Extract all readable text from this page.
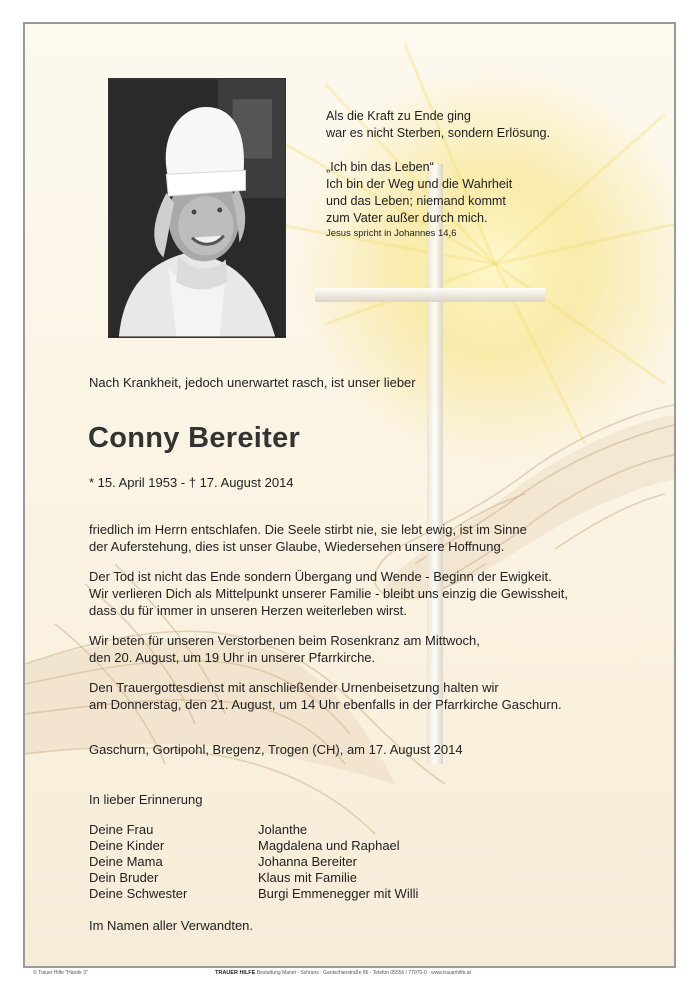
Als die Kraft zu Ende ging

war es nicht Sterben, sondern Erlösung.

„Ich bin das Leben“

Ich bin der Weg und die Wahrheit

und das Leben; niemand kommt

zum Vater außer durch mich.

Jesus spricht in Johannes 14,6

Nach Krankheit, jedoch unerwartet rasch, ist unser lieber
Conny Bereiter
* 15. April 1953 - † 17. August 2014

friedlich im Herrn entschlafen. Die Seele stirbt nie, sie lebt ewig, ist im Sinne
der Auferstehung, dies ist unser Glaube, Wiedersehen unsere Hoffnung.

Der Tod ist nicht das Ende sondern Übergang und Wende - Beginn der Ewigkeit.
Wir verlieren Dich als Mittelpunkt unserer Familie - bleibt uns einzig die Gewissheit,
dass du für immer in unseren Herzen weiterleben wirst.

Wir beten für unseren Verstorbenen beim Rosenkranz am Mittwoch,
den 20. August, um 19 Uhr in unserer Pfarrkirche.

Den Trauergottesdienst mit anschließender Urnenbeisetzung halten wir
am Donnerstag, den 21. August, um 14 Uhr ebenfalls in der Pfarrkirche Gaschurn.

Gaschurn, Gortipohl, Bregenz, Trogen (CH), am 17. August 2014
In lieber Erinnerung
Deine Frau	Jolanthe
Deine Kinder	Magdalena und Raphael
Deine Mama	Johanna Bereiter
Dein Bruder	Klaus mit Familie
Deine Schwester	Burgi Emmenegger mit Willi
Im Namen aller Verwandten.
© Trauer Hilfe "Hände 3"	TRAUER HILFE Bestattung Manet · Schruns · Gantschierstraße 86 · Telefon 05556 / 77070-0 · www.trauerhilfe.at
